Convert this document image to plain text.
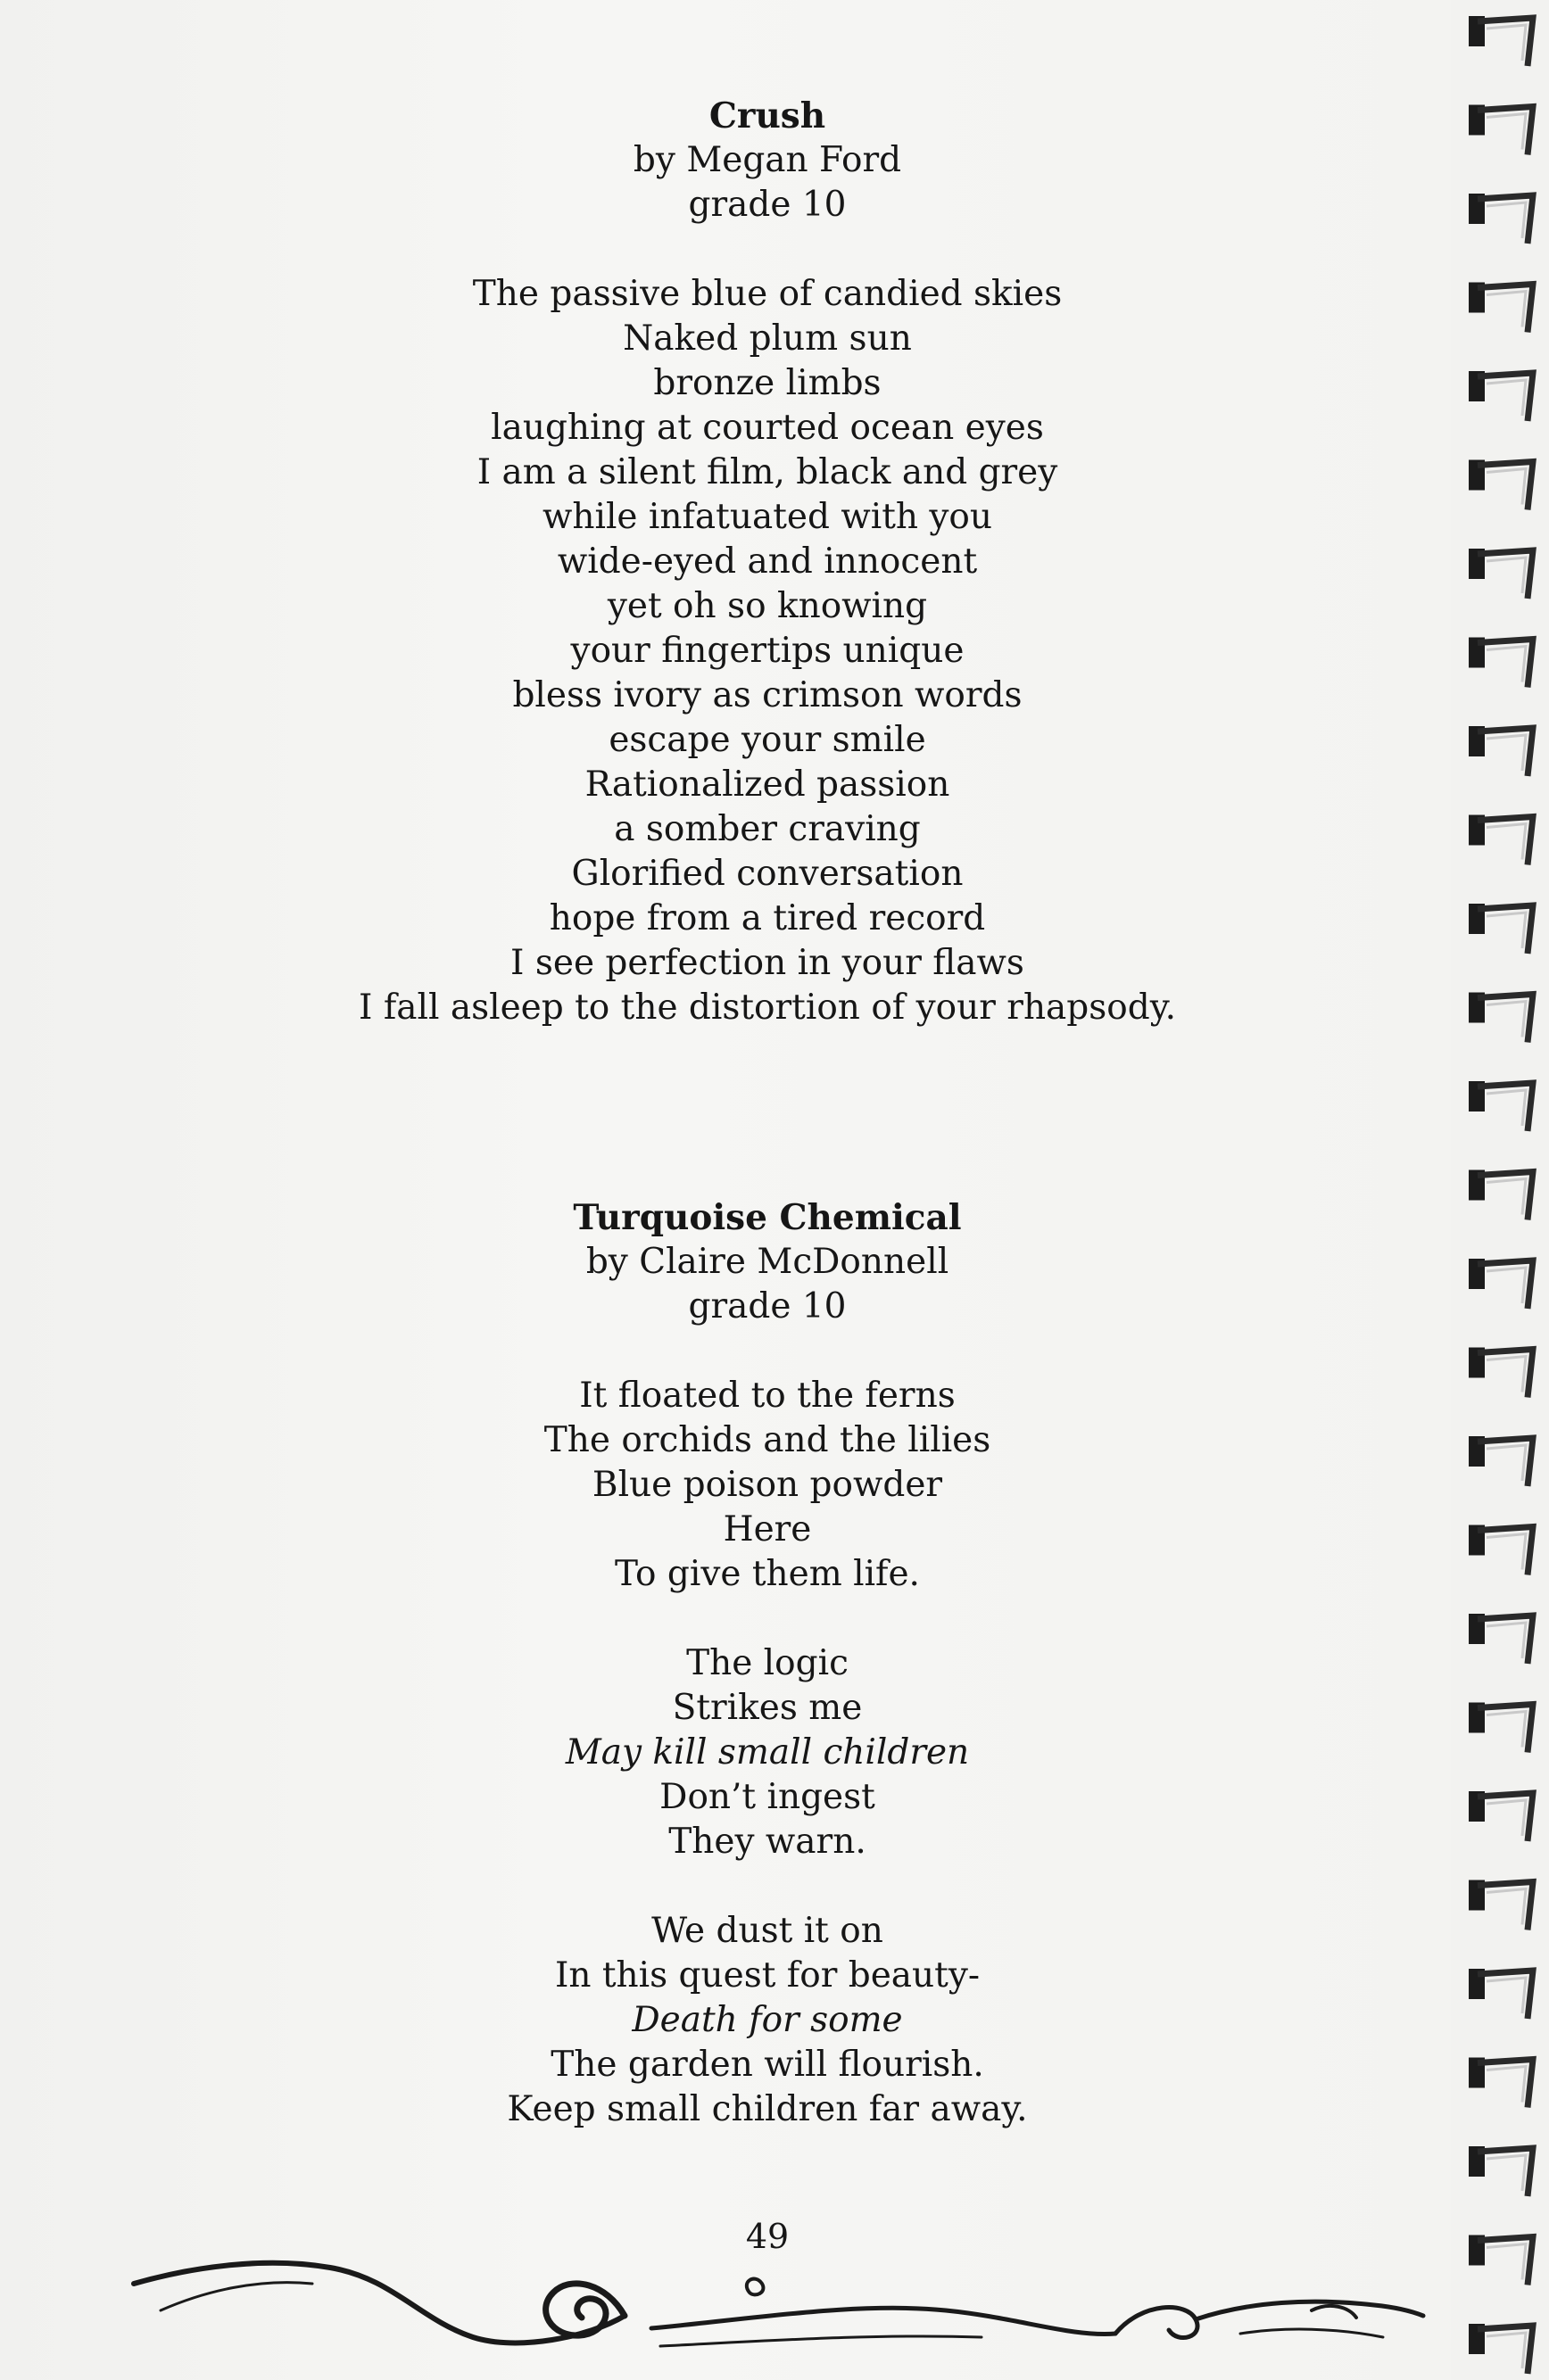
Crush
by Megan Ford
grade 10
The passive blue of candied skies
Naked plum sun
bronze limbs
laughing at courted ocean eyes
I am a silent film, black and grey
while infatuated with you
wide-eyed and innocent
yet oh so knowing
your fingertips unique
bless ivory as crimson words
escape your smile
Rationalized passion
a somber craving
Glorified conversation
hope from a tired record
I see perfection in your flaws
I fall asleep to the distortion of your rhapsody.
Turquoise Chemical
by Claire McDonnell
grade 10
It floated to the ferns
The orchids and the lilies
Blue poison powder
Here
To give them life.
The logic
Strikes me
May kill small children
Don’t ingest
They warn.
We dust it on
In this quest for beauty-
Death for some
The garden will flourish.
Keep small children far away.
49
